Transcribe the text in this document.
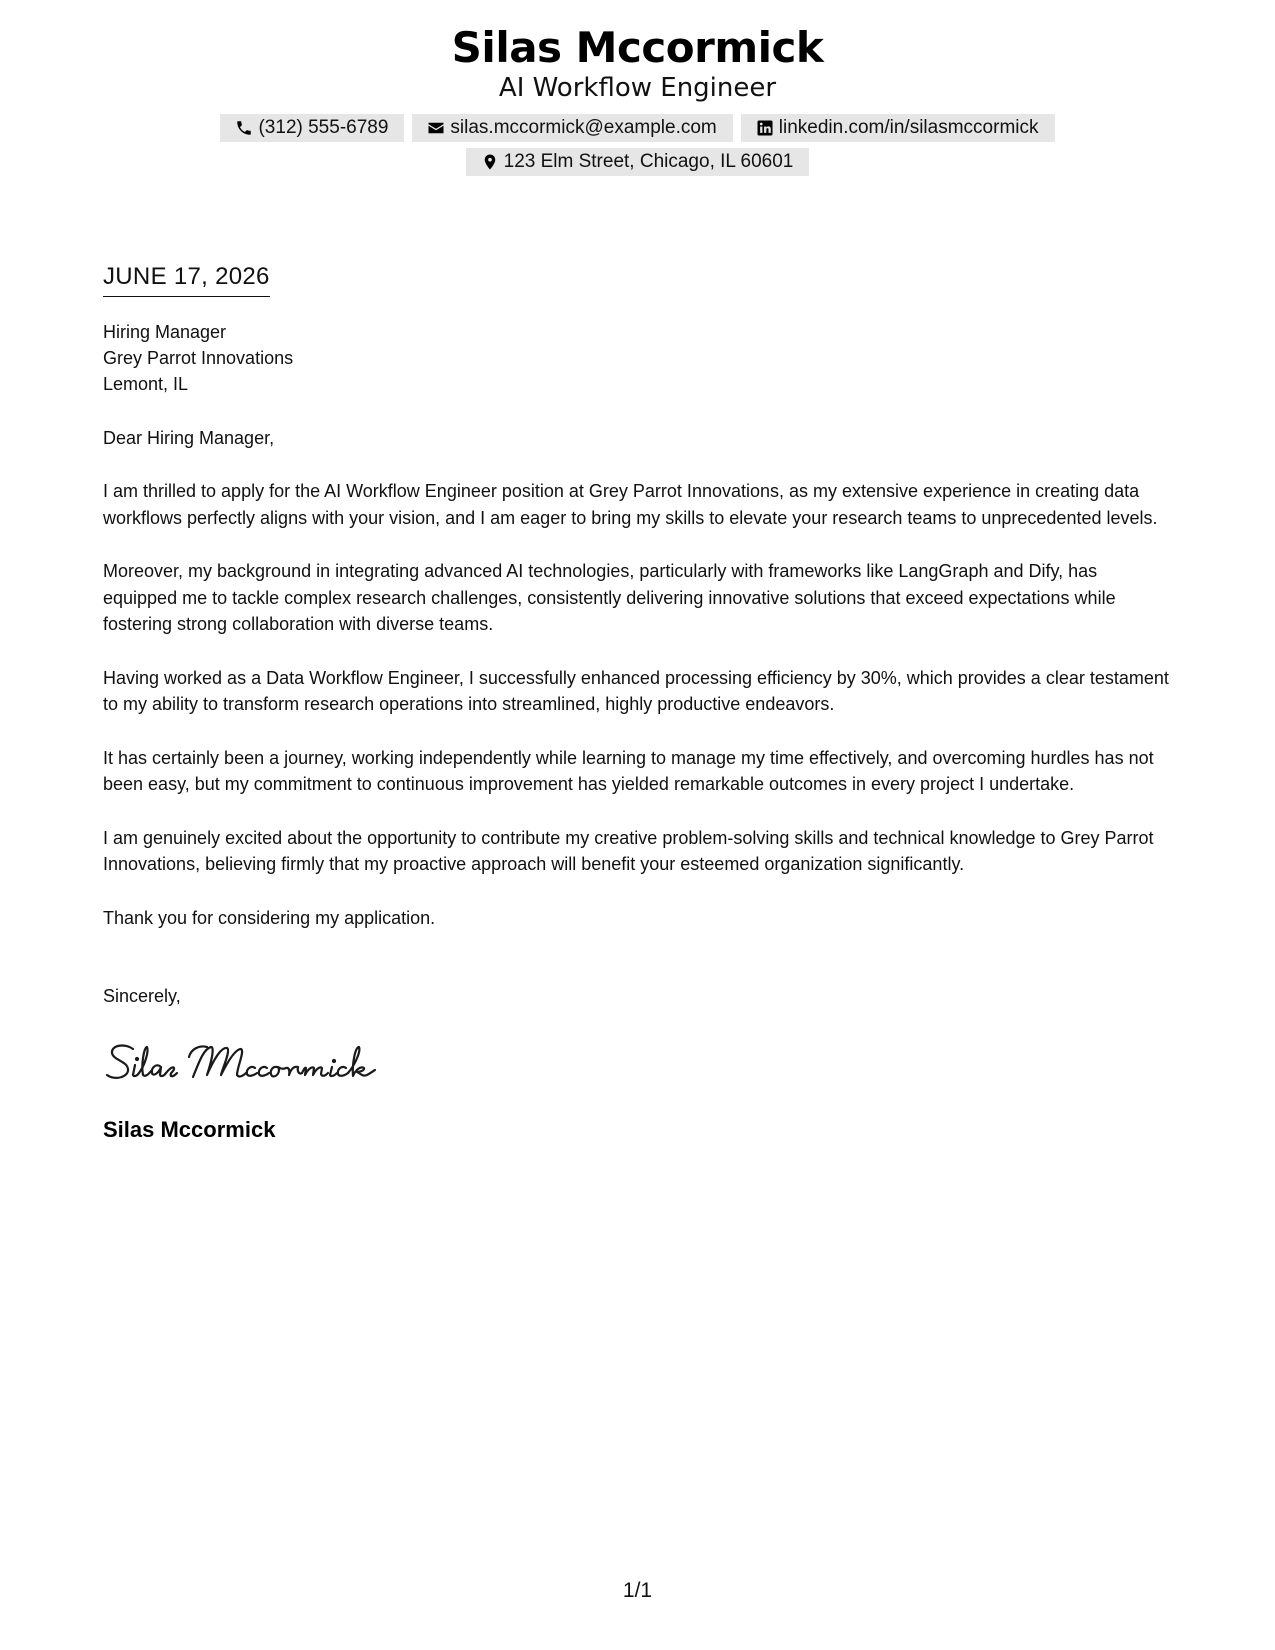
Silas Mccormick
AI Workflow Engineer
(312) 555-6789	silas.mccormick@example.com	linkedin.com/in/silasmccormick
123 Elm Street, Chicago, IL 60601
JUNE 17, 2026
Hiring Manager
Grey Parrot Innovations
Lemont, IL
Dear Hiring Manager,
I am thrilled to apply for the AI Workflow Engineer position at Grey Parrot Innovations, as my extensive experience in creating data workflows perfectly aligns with your vision, and I am eager to bring my skills to elevate your research teams to unprecedented levels.
Moreover, my background in integrating advanced AI technologies, particularly with frameworks like LangGraph and Dify, has equipped me to tackle complex research challenges, consistently delivering innovative solutions that exceed expectations while fostering strong collaboration with diverse teams.
Having worked as a Data Workflow Engineer, I successfully enhanced processing efficiency by 30%, which provides a clear testament to my ability to transform research operations into streamlined, highly productive endeavors.
It has certainly been a journey, working independently while learning to manage my time effectively, and overcoming hurdles has not been easy, but my commitment to continuous improvement has yielded remarkable outcomes in every project I undertake.
I am genuinely excited about the opportunity to contribute my creative problem-solving skills and technical knowledge to Grey Parrot Innovations, believing firmly that my proactive approach will benefit your esteemed organization significantly.
Thank you for considering my application.
Sincerely,
Silas Mccormick
1/1
